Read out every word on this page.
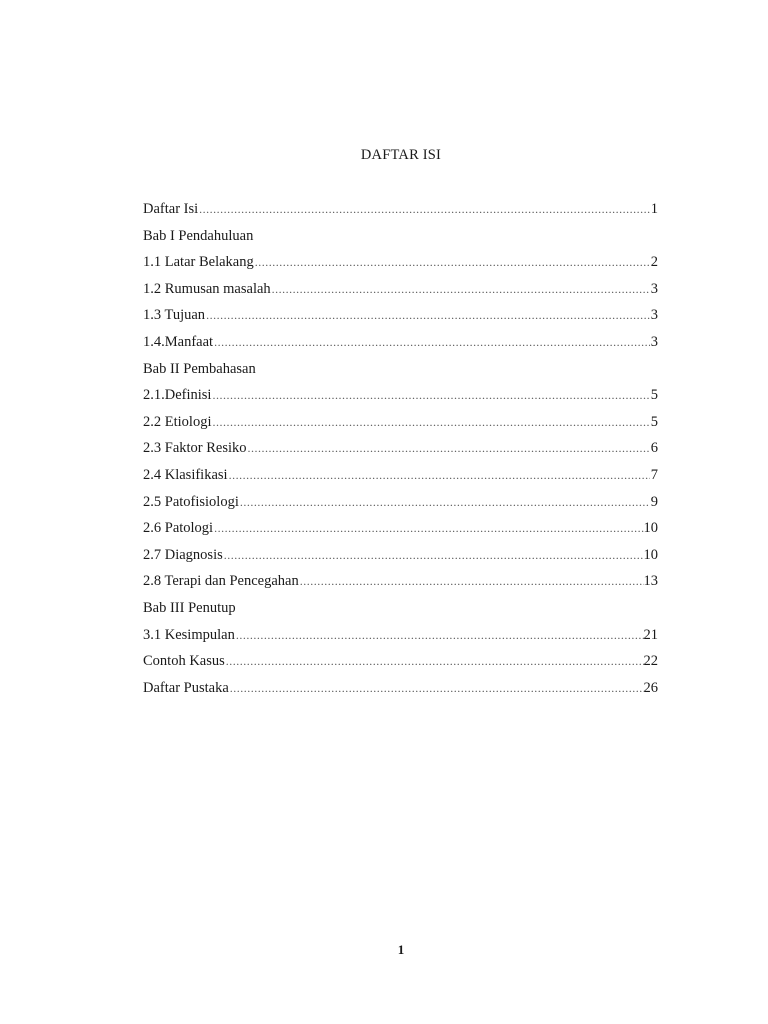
DAFTAR ISI
Daftar Isi .....	1
Bab I Pendahuluan
1.1 Latar Belakang .....	2
1.2 Rumusan masalah .....	3
1.3 Tujuan .....	3
1.4.Manfaat .....	3
Bab II Pembahasan
2.1.Definisi .....	5
2.2 Etiologi .....	5
2.3 Faktor Resiko .....	6
2.4 Klasifikasi .....	7
2.5 Patofisiologi .....	9
2.6 Patologi .....	10
2.7 Diagnosis .....	10
2.8 Terapi dan Pencegahan .....	13
Bab III Penutup
3.1 Kesimpulan .....	21
Contoh Kasus .....	22
Daftar Pustaka .....	26
1
